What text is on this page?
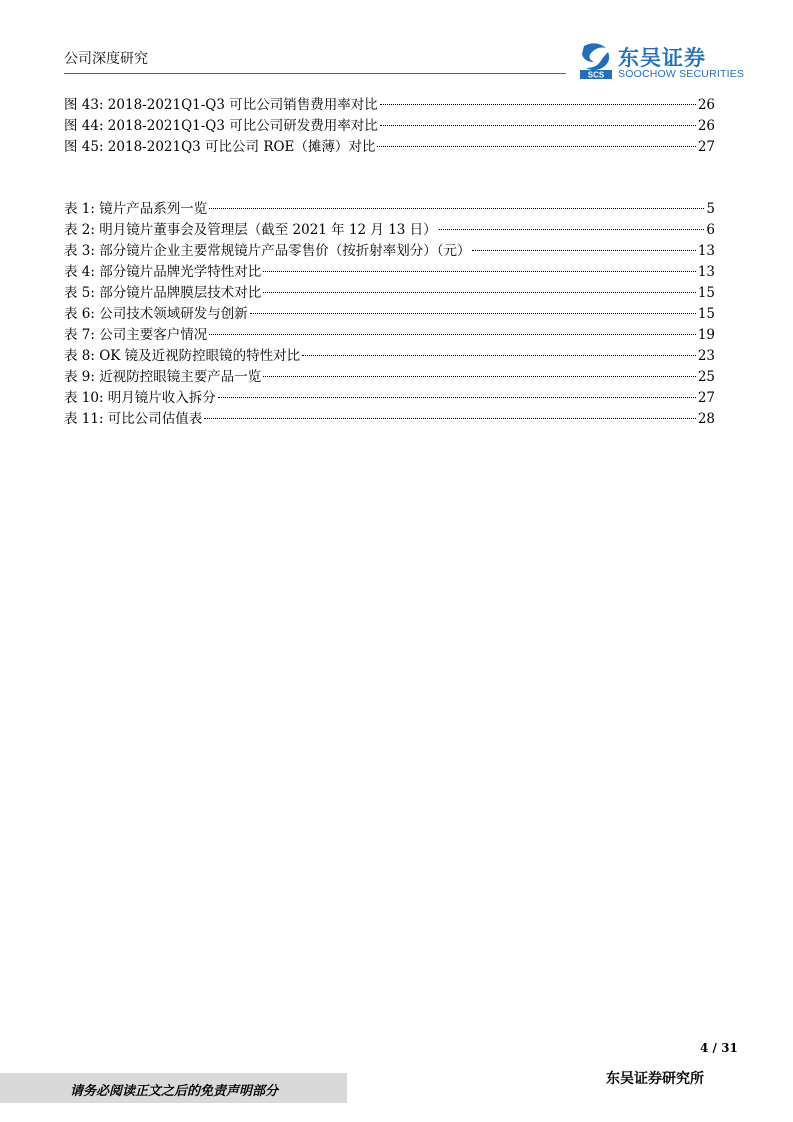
公司深度研究
SCS
东吴证券
SOOCHOW SECURITIES
图 43: 2018-2021Q1-Q3 可比公司销售费用率对比	26
图 44: 2018-2021Q1-Q3 可比公司研发费用率对比	26
图 45: 2018-2021Q3 可比公司 ROE（摊薄）对比	27
表 1: 镜片产品系列一览	5
表 2: 明月镜片董事会及管理层（截至 2021 年 12 月 13 日）	6
表 3: 部分镜片企业主要常规镜片产品零售价（按折射率划分）（元）	13
表 4: 部分镜片品牌光学特性对比	13
表 5: 部分镜片品牌膜层技术对比	15
表 6: 公司技术领域研发与创新	15
表 7: 公司主要客户情况	19
表 8: OK 镜及近视防控眼镜的特性对比	23
表 9: 近视防控眼镜主要产品一览	25
表 10: 明月镜片收入拆分	27
表 11: 可比公司估值表	28
4 / 31
请务必阅读正文之后的免责声明部分
东吴证券研究所
